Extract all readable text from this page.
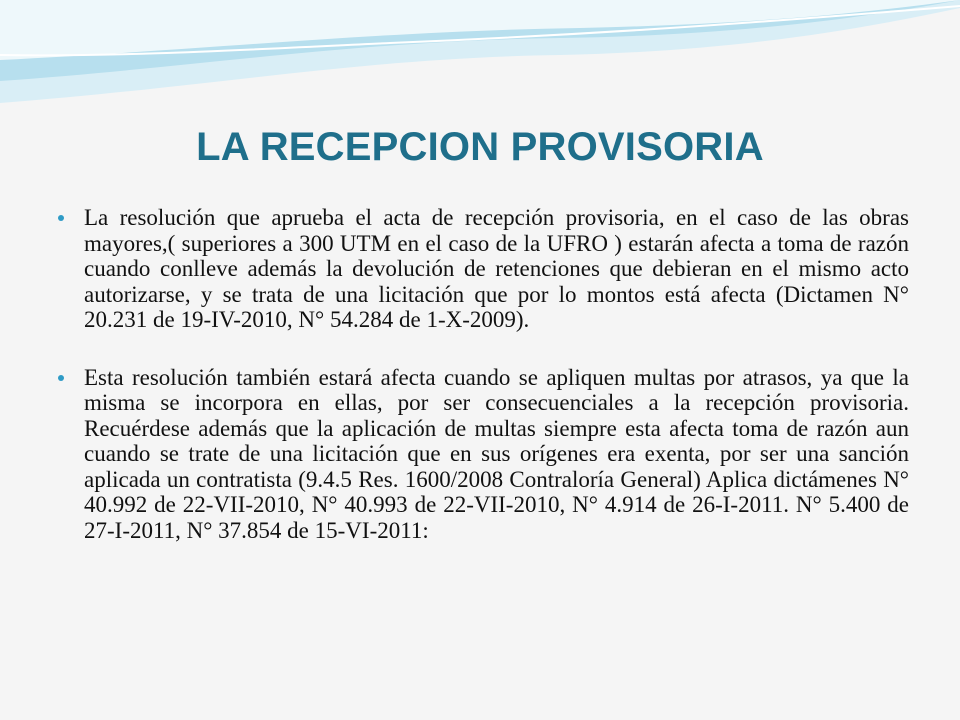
LA RECEPCION PROVISORIA
La resolución que aprueba el acta de recepción provisoria, en el caso de las obras mayores,( superiores a 300 UTM en el caso de la UFRO ) estarán afecta a toma de razón cuando conlleve además la devolución de retenciones que debieran en el mismo acto autorizarse, y se trata de una licitación que por lo montos está afecta (Dictamen N° 20.231 de 19-IV-2010, N° 54.284 de 1-X-2009).
Esta resolución también estará afecta cuando se apliquen multas por atrasos, ya que la misma se incorpora en ellas, por ser consecuenciales a la recepción provisoria. Recuérdese además que la aplicación de multas siempre esta afecta toma de razón aun cuando se trate de una licitación que en sus orígenes era exenta, por ser una sanción aplicada un contratista (9.4.5 Res. 1600/2008 Contraloría General) Aplica dictámenes N° 40.992 de 22-VII-2010, N° 40.993 de 22-VII-2010, N° 4.914 de 26-I-2011. N° 5.400 de 27-I-2011, N° 37.854 de 15-VI-2011:
